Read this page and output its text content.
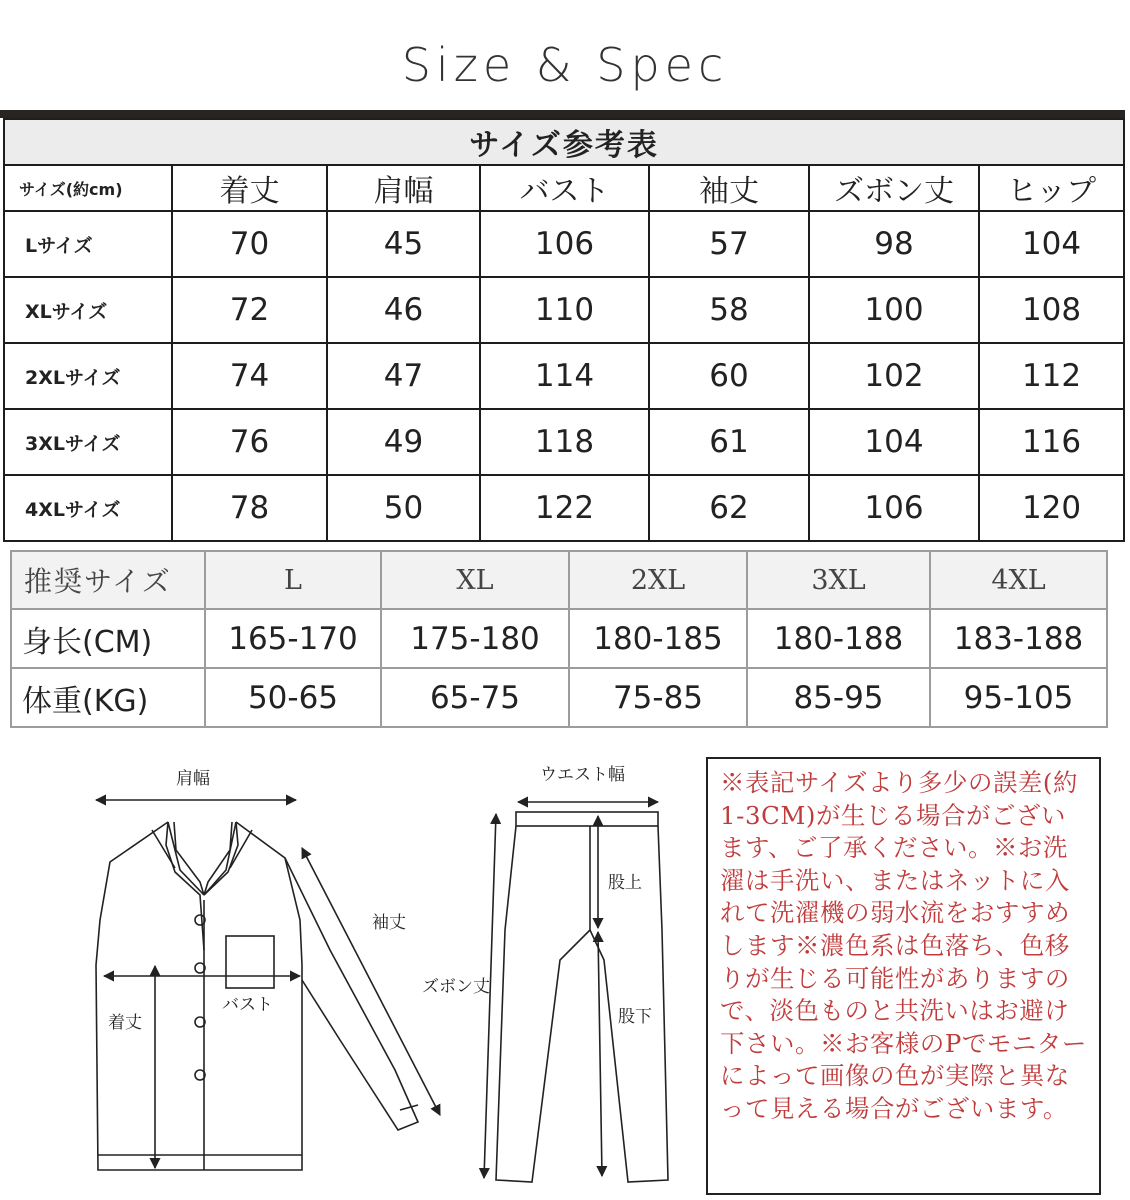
Size & Spec
サイズ参考表						
サイズ(約cm)	着丈	肩幅	バスト	袖丈	ズボン丈	ヒップ
Lサイズ	70	45	106	57	98	104
XLサイズ	72	46	110	58	100	108
2XLサイズ	74	47	114	60	102	112
3XLサイズ	76	49	118	61	104	116
4XLサイズ	78	50	122	62	106	120
推奨サイズ	L	XL	2XL	3XL	4XL
身长(CM)	165-170	175-180	180-185	180-188	183-188
体重(KG)	50-65	65-75	75-85	85-95	95-105
肩幅
袖丈
バスト
着丈
ウエスト幅
股上
股下
ズボン丈
※表記サイズより多少の誤差(約1-3CM)が生じる場合がございます、ご了承ください。※お洗濯は手洗い、またはネットに入れて洗濯機の弱水流をおすすめします※濃色系は色落ち、色移りが生じる可能性がありますので、淡色ものと共洗いはお避け下さい。※お客様のPでモニターによって画像の色が実際と異なって見える場合がございます。
